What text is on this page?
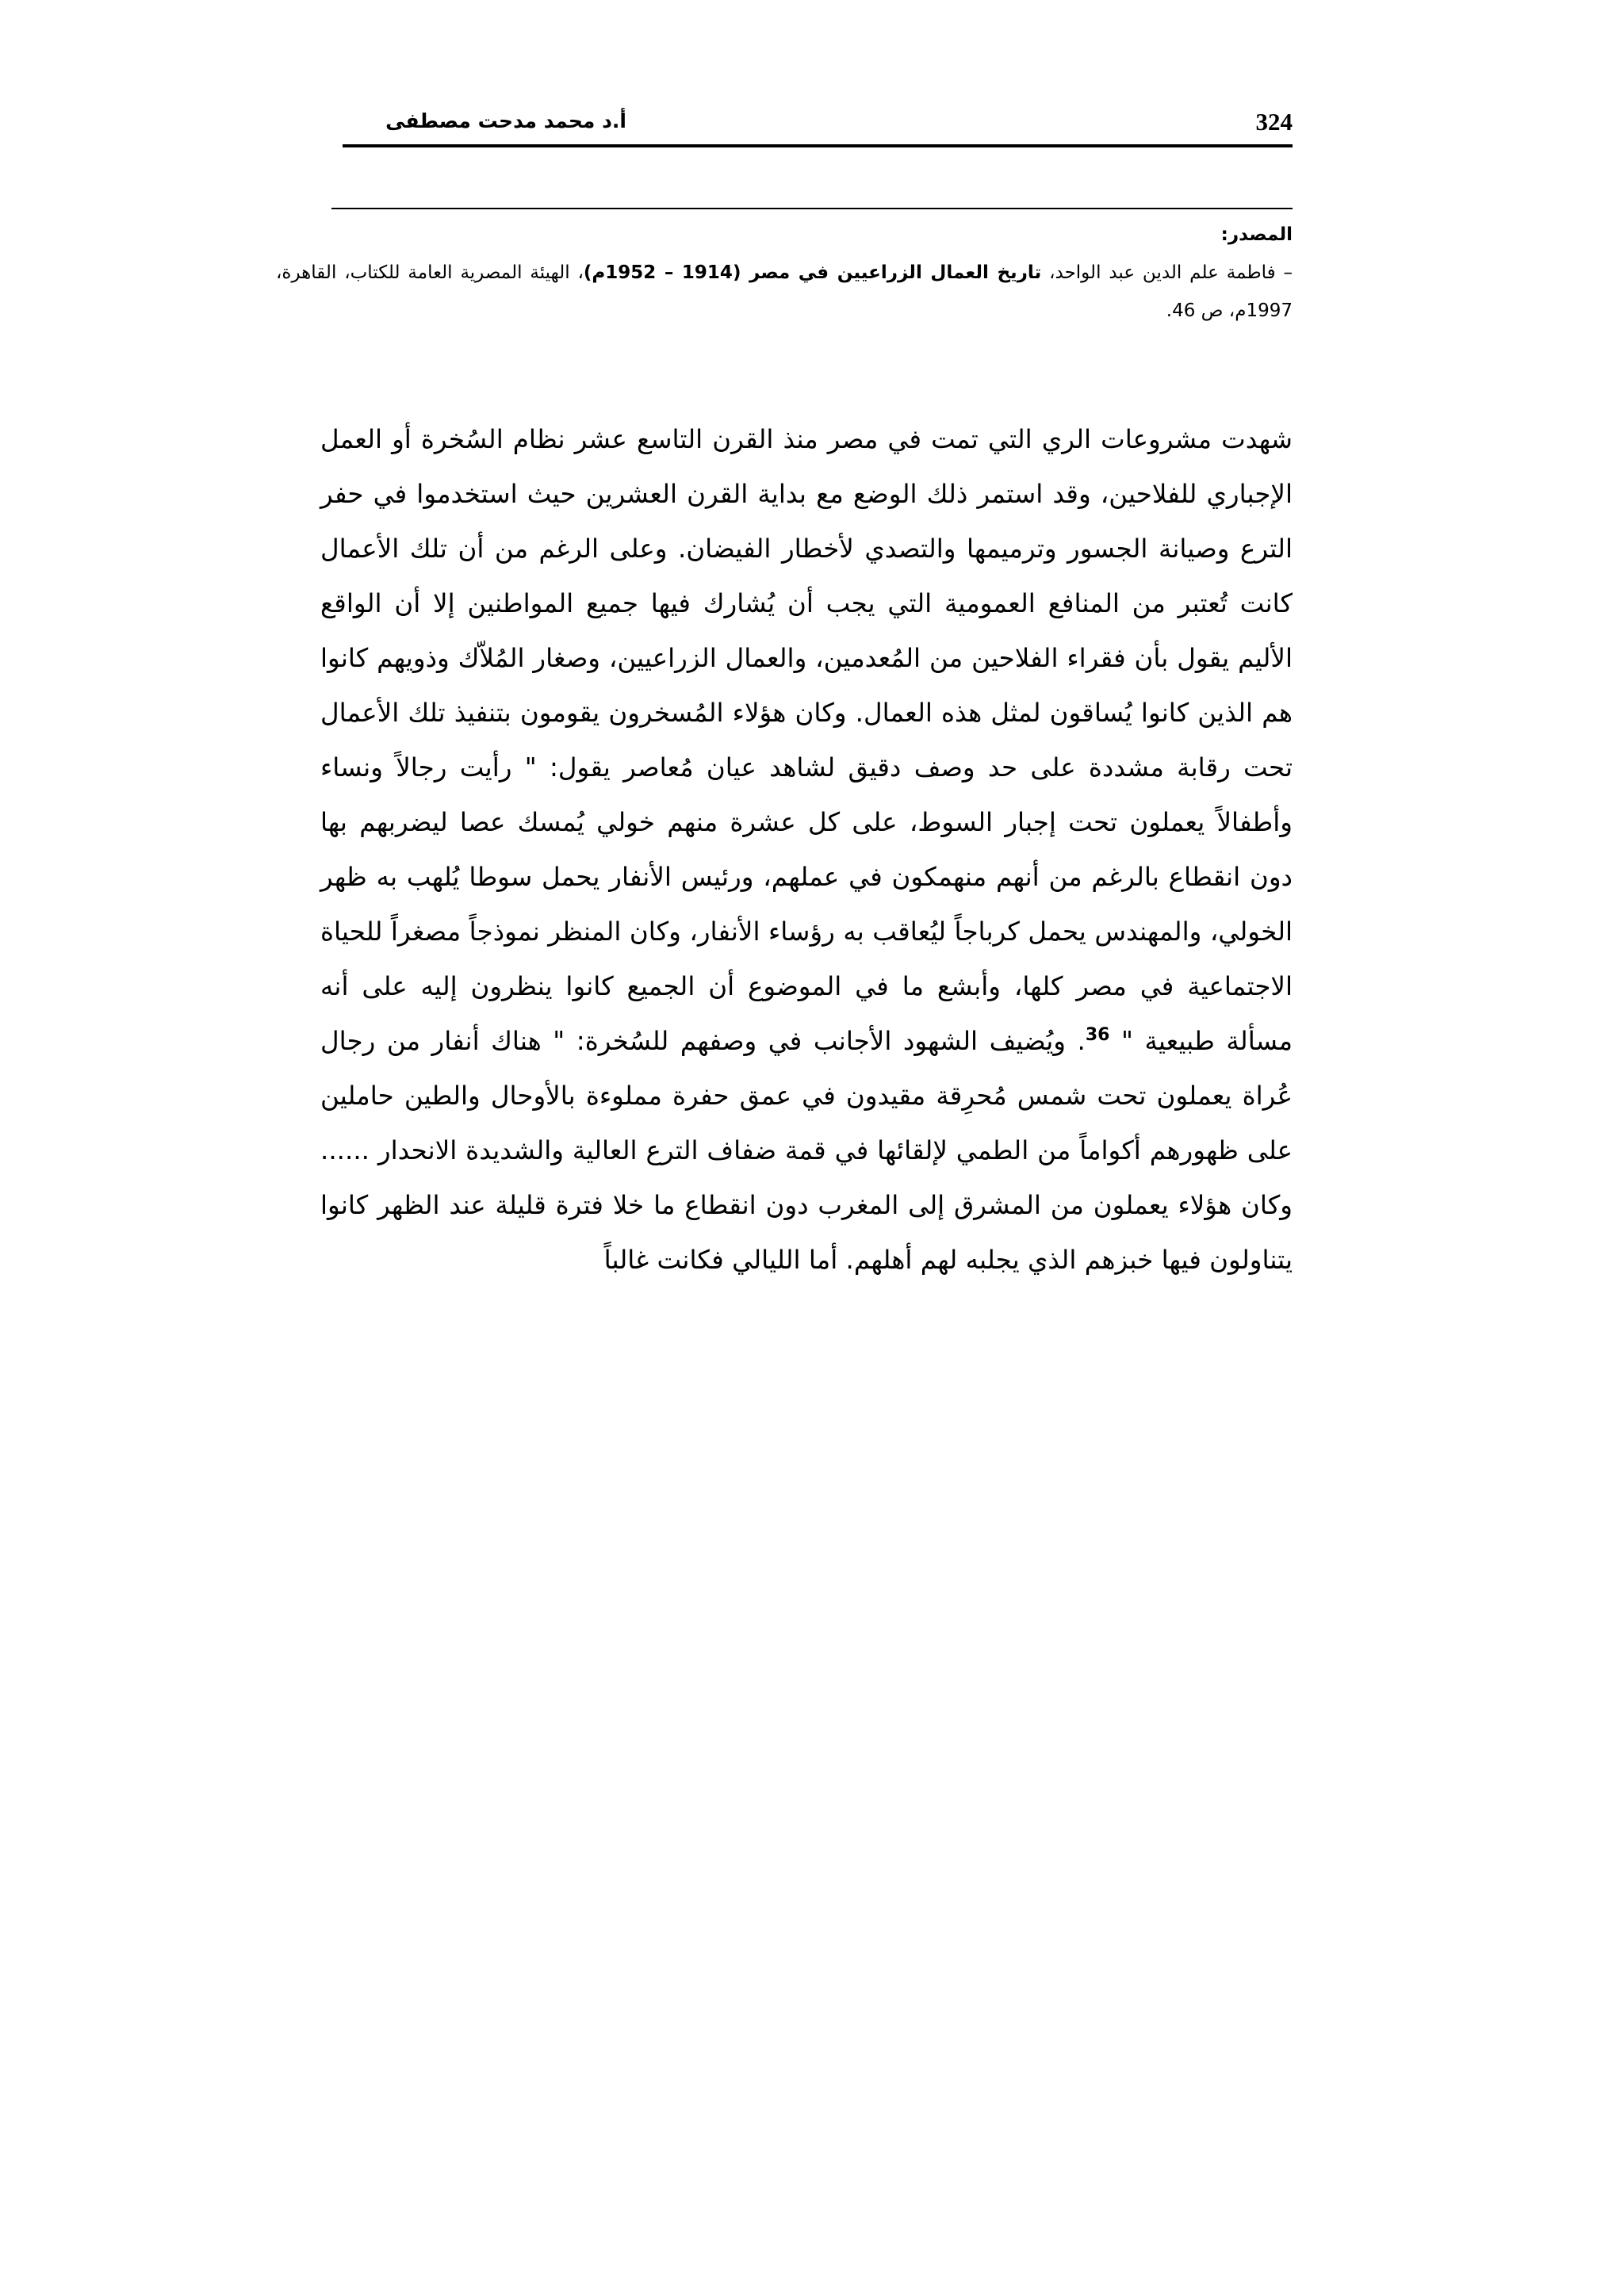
324
أ.د محمد مدحت مصطفى
المصدر:
– فاطمة علم الدين عبد الواحد، تاريخ العمال الزراعيين في مصر (1914 – 1952م)، الهيئة المصرية العامة للكتاب، القاهرة، 1997م، ص 46.
شهدت مشروعات الري التي تمت في مصر منذ القرن التاسع عشر نظام السُخرة أو العمل الإجباري للفلاحين، وقد استمر ذلك الوضع مع بداية القرن العشرين حيث استخدموا في حفر الترع وصيانة الجسور وترميمها والتصدي لأخطار الفيضان. وعلى الرغم من أن تلك الأعمال كانت تُعتبر من المنافع العمومية التي يجب أن يُشارك فيها جميع المواطنين إلا أن الواقع الأليم يقول بأن فقراء الفلاحين من المُعدمين، والعمال الزراعيين، وصغار المُلاّك وذويهم كانوا هم الذين كانوا يُساقون لمثل هذه العمال. وكان هؤلاء المُسخرون يقومون بتنفيذ تلك الأعمال تحت رقابة مشددة على حد وصف دقيق لشاهد عيان مُعاصر يقول: " رأيت رجالاً ونساء وأطفالاً يعملون تحت إجبار السوط، على كل عشرة منهم خولي يُمسك عصا ليضربهم بها دون انقطاع بالرغم من أنهم منهمكون في عملهم، ورئيس الأنفار يحمل سوطا يُلهب به ظهر الخولي، والمهندس يحمل كرباجاً ليُعاقب به رؤساء الأنفار، وكان المنظر نموذجاً مصغراً للحياة الاجتماعية في مصر كلها، وأبشع ما في الموضوع أن الجميع كانوا ينظرون إليه على أنه مسألة طبيعية " $^{36}$. ويُضيف الشهود الأجانب في وصفهم للسُخرة: " هناك أنفار من رجال عُراة يعملون تحت شمس مُحرِقة مقيدون في عمق حفرة مملوءة بالأوحال والطين حاملين على ظهورهم أكواماً من الطمي لإلقائها في قمة ضفاف الترع العالية والشديدة الانحدار ...... وكان هؤلاء يعملون من المشرق إلى المغرب دون انقطاع ما خلا فترة قليلة عند الظهر كانوا يتناولون فيها خبزهم الذي يجلبه لهم أهلهم. أما الليالي فكانت غالباً
